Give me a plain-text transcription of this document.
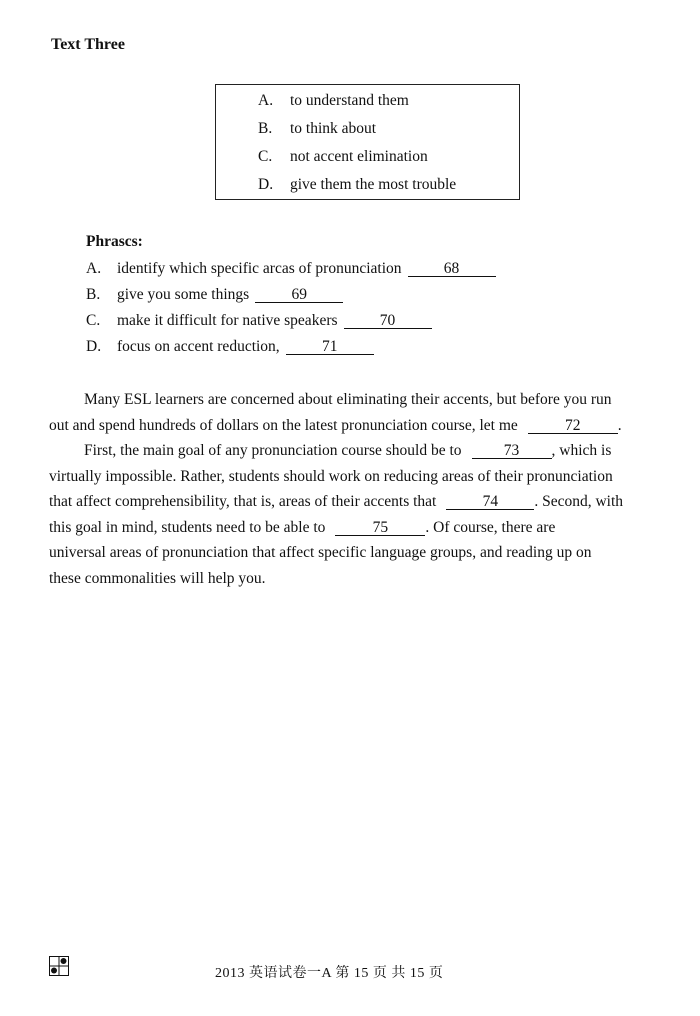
Text Three
A. to understand them
B. to think about
C. not accent elimination
D. give them the most trouble
Phrascs:
A. identify which specific arcas of pronunciation	68
B. give you some things	69
C. make it difficult for native speakers	70
D. focus on accent reduction,	71
Many ESL learners are concerned about eliminating their accents, but before you run
out and spend hundreds of dollars on the latest pronunciation course, let me	72 .
First, the main goal of any pronunciation course should be to	73 , which is
virtually impossible. Rather, students should work on reducing areas of their pronunciation
that affect comprehensibility, that is, areas of their accents that	74 . Second, with
this goal in mind, students need to be able to	75 . Of course, there are
universal areas of pronunciation that affect specific language groups, and reading up on
these commonalities will help you.
2013 英语试卷一A 第 15 页 共 15 页
